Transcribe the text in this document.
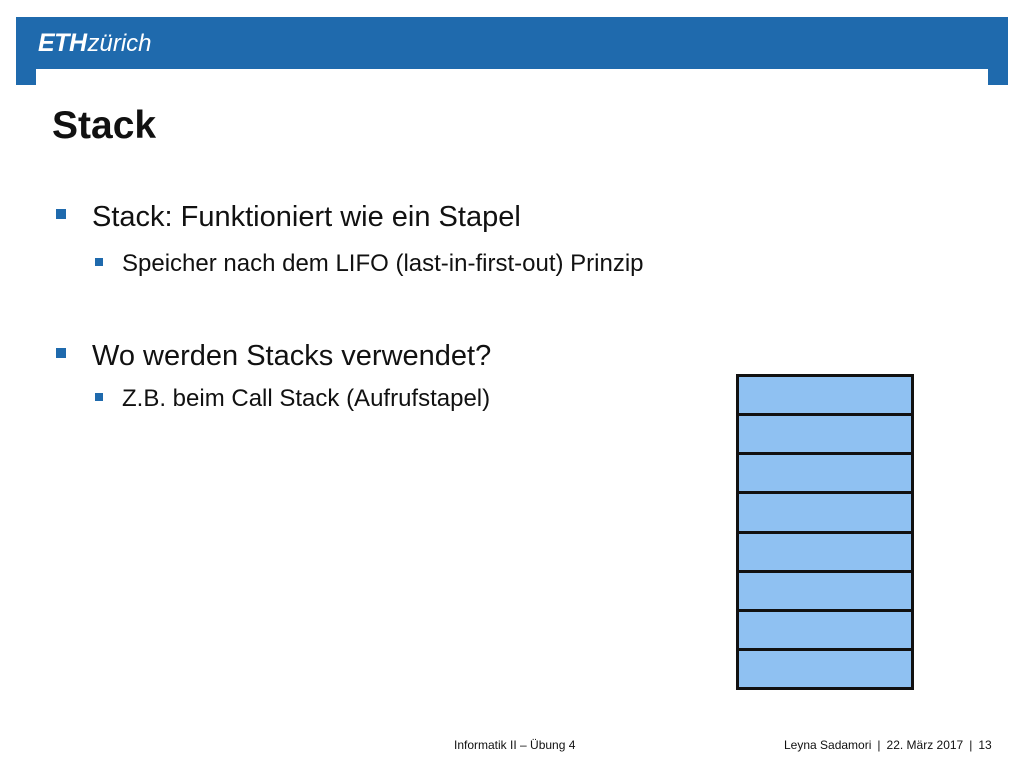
ETHzürich
Stack
Stack: Funktioniert wie ein Stapel
Speicher nach dem LIFO (last-in-first-out) Prinzip
Wo werden Stacks verwendet?
Z.B. beim Call Stack (Aufrufstapel)
Informatik II – Übung 4	Leyna Sadamori | 22. März 2017 | 13
